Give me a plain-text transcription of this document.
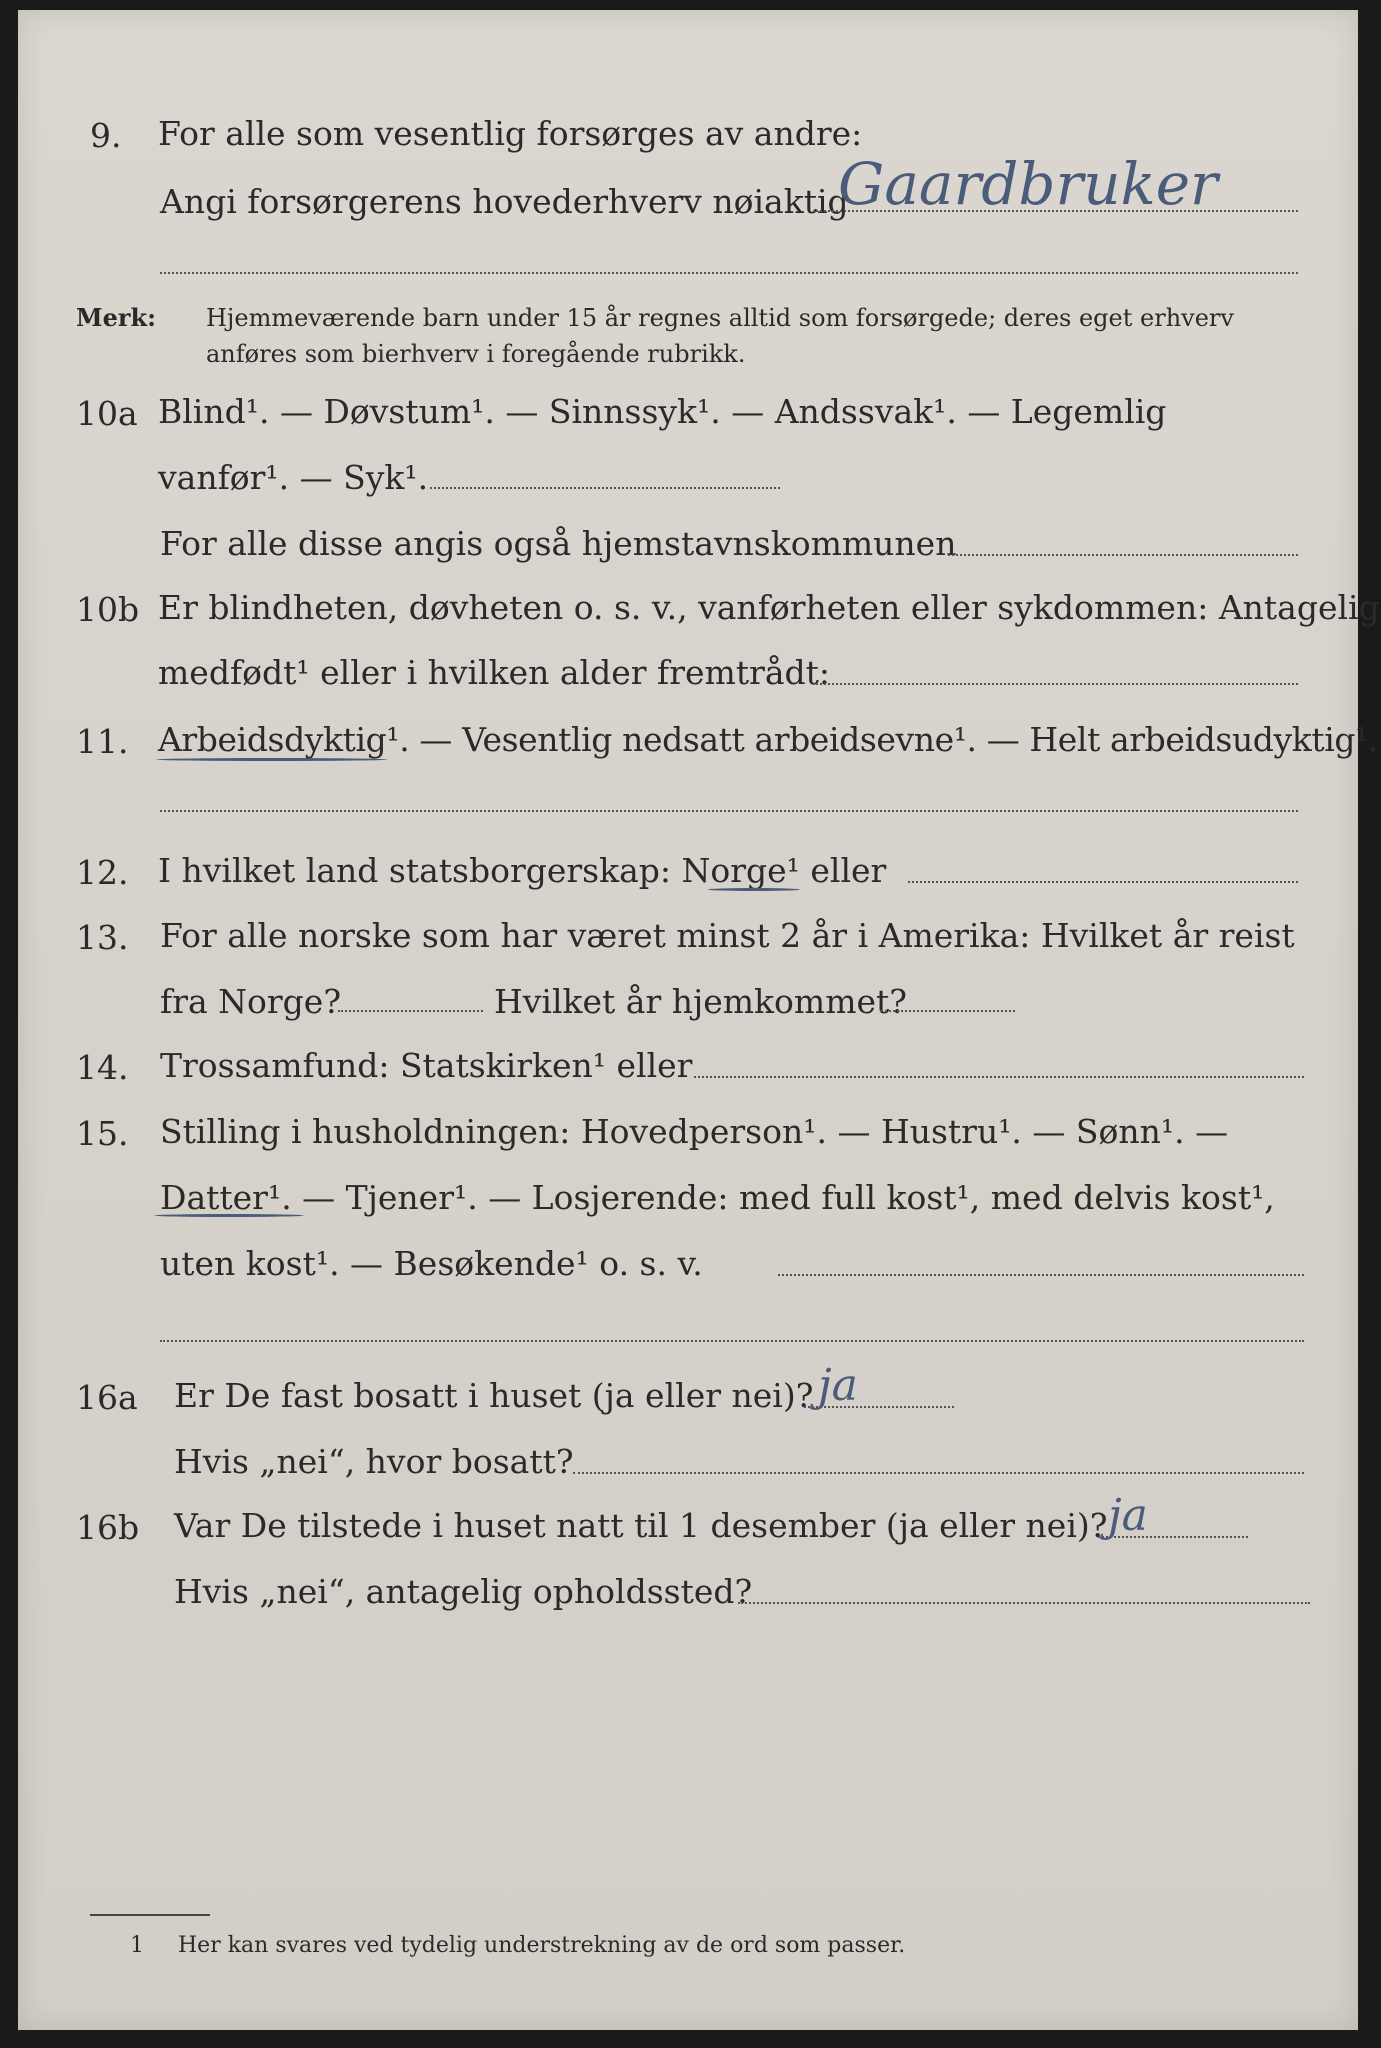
9. For alle som vesentlig forsørges av andre:
Angi forsørgerens hovederhverv nøiaktig
Gaardbruker
Merk: Hjemmeværende barn under 15 år regnes alltid som forsørgede; deres eget erhverv
anføres som bierhverv i foregående rubrikk.
10a Blind¹. — Døvstum¹. — Sinnssyk¹. — Andssvak¹. — Legemlig
vanfør¹. — Syk¹.
For alle disse angis også hjemstavnskommunen
10b Er blindheten, døvheten o. s. v., vanførheten eller sykdommen: Antagelig
medfødt¹ eller i hvilken alder fremtrådt:
11. Arbeidsdyktig¹. — Vesentlig nedsatt arbeidsevne¹. — Helt arbeidsudyktig¹.
12. I hvilket land statsborgerskap: Norge¹ eller
13. For alle norske som har været minst 2 år i Amerika: Hvilket år reist
fra Norge?	Hvilket år hjemkommet?
14. Trossamfund: Statskirken¹ eller
15. Stilling i husholdningen: Hovedperson¹. — Hustru¹. — Sønn¹. —
Datter¹. — Tjener¹. — Losjerende: med full kost¹, med delvis kost¹,
uten kost¹. — Besøkende¹ o. s. v.
16a Er De fast bosatt i huset (ja eller nei)? ja
Hvis „nei“, hvor bosatt?
16b Var De tilstede i huset natt til 1 desember (ja eller nei)? ja
Hvis „nei“, antagelig opholdssted?
1 Her kan svares ved tydelig understrekning av de ord som passer.
